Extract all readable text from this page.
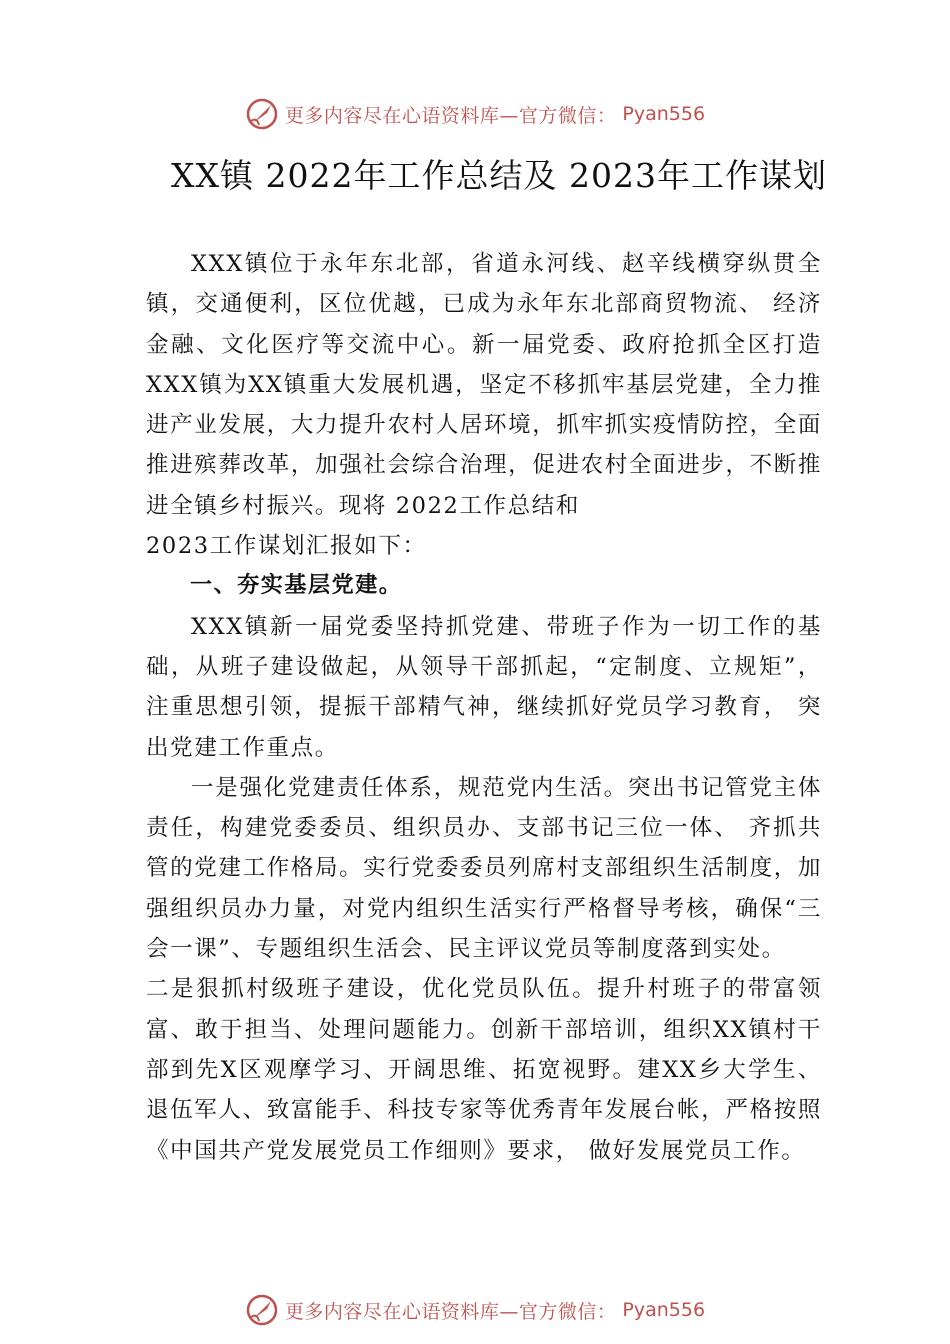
更多内容尽在心语资料库—官方微信： Pyan556
XX镇 2022年工作总结及 2023年工作谋划

XXX镇位于永年东北部，省道永河线、赵辛线横穿纵贯全镇，交通便利，区位优越，已成为永年东北部商贸物流、 经济金融、文化医疗等交流中心。新一届党委、政府抢抓全区打造 XXX镇为XX镇重大发展机遇，坚定不移抓牢基层党建，全力推进产业发展，大力提升农村人居环境，抓牢抓实疫情防控，全面推进殡葬改革，加强社会综合治理，促进农村全面进步，不断推进全镇乡村振兴。现将 2022工作总结和

2023工作谋划汇报如下：

一、夯实基层党建。

XXX镇新一届党委坚持抓党建、带班子作为一切工作的基础，从班子建设做起，从领导干部抓起，“定制度、立规矩”，注重思想引领，提振干部精气神，继续抓好党员学习教育， 突出党建工作重点。

一是强化党建责任体系，规范党内生活。突出书记管党主体责任，构建党委委员、组织员办、支部书记三位一体、 齐抓共管的党建工作格局。实行党委委员列席村支部组织生活制度，加强组织员办力量，对党内组织生活实行严格督导考核，确保“三会一课”、专题组织生活会、民主评议党员等制度落到实处。

二是狠抓村级班子建设，优化党员队伍。提升村班子的带富领富、敢于担当、处理问题能力。创新干部培训，组织XX镇村干部到先X区观摩学习、开阔思维、拓宽视野。建XX乡大学生、退伍军人、致富能手、科技专家等优秀青年发展台帐，严格按照《中国共产党发展党员工作细则》要求， 做好发展党员工作。

更多内容尽在心语资料库—官方微信： Pyan556
